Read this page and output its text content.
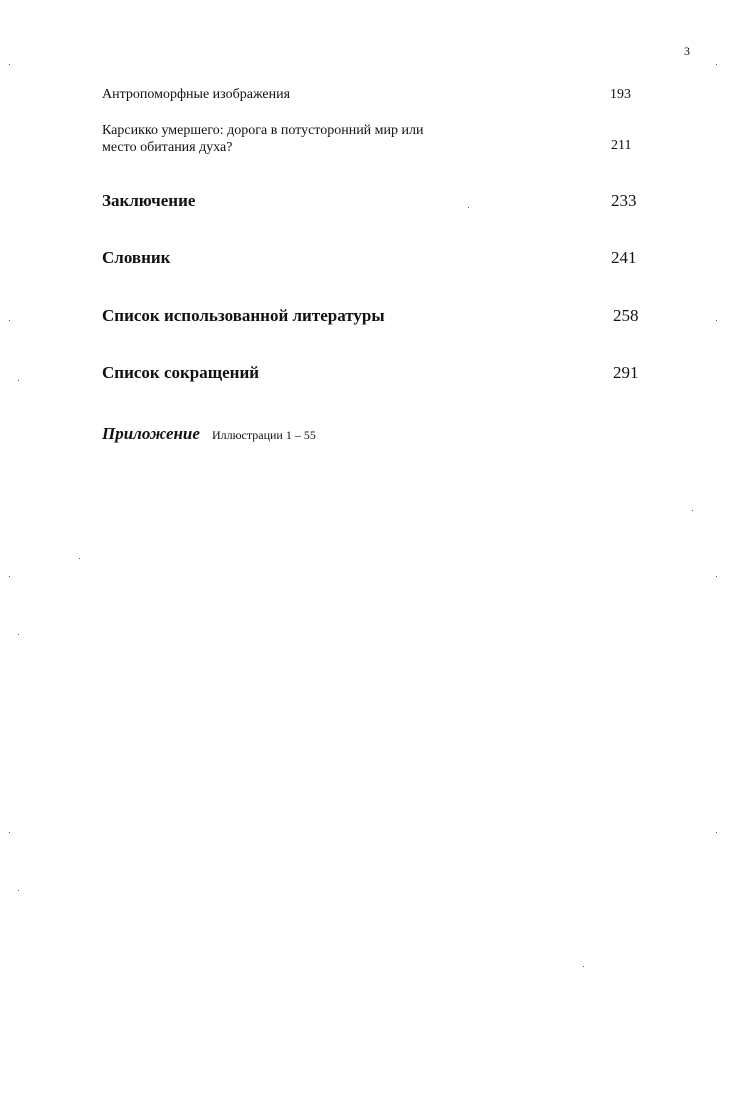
3
Антропоморфные изображения	193
Карсикко умершего: дорога в потусторонний мир или
место обитания духа?	211
Заключение	233
Словник	241
Список использованной литературы	258
Список сокращений	291
Приложение Иллюстрации 1 – 55
